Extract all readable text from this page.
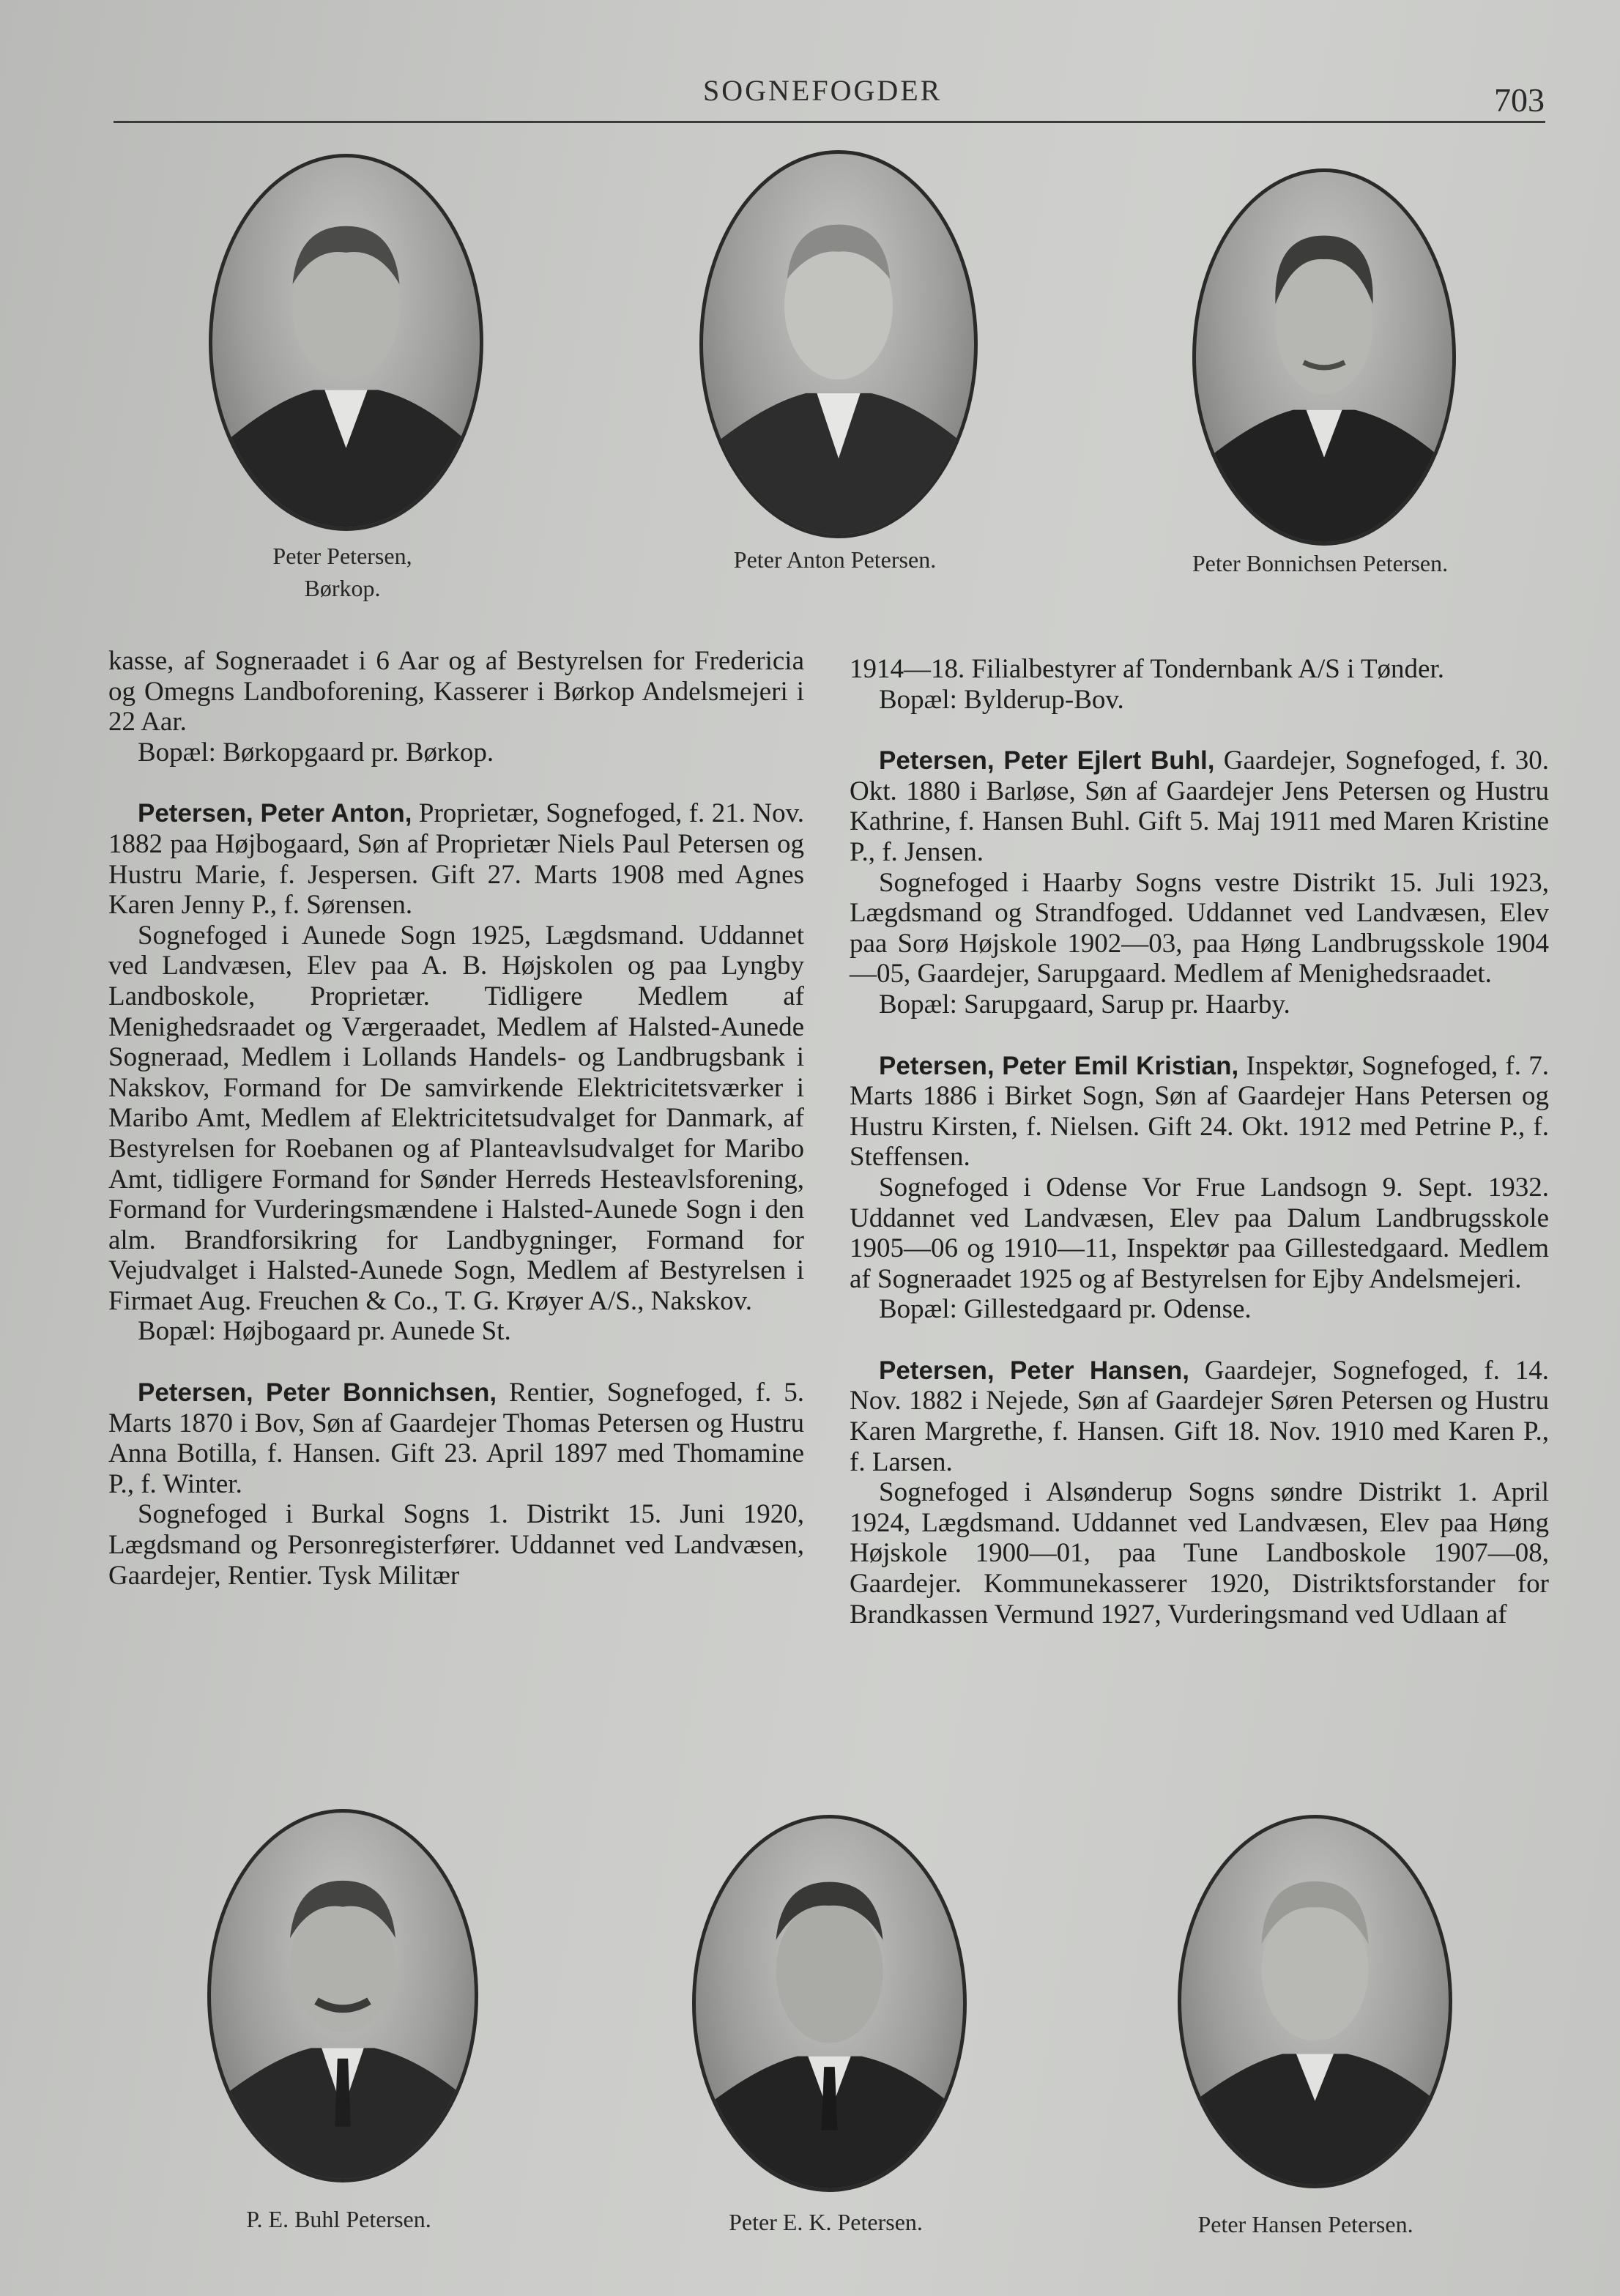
SOGNEFOGDER	703
Peter Petersen,
Børkop.
Peter Anton Petersen.	Peter Bonnichsen Petersen.

kasse, af Sogneraadet i 6 Aar og af Bestyrelsen for Fredericia og Omegns Landboforening, Kasserer i Børkop Andelsmejeri i 22 Aar.

Bopæl: Børkopgaard pr. Børkop.

Petersen, Peter Anton, Proprietær, Sognefoged, f. 21. Nov. 1882 paa Højbogaard, Søn af Proprietær Niels Paul Petersen og Hustru Marie, f. Jespersen. Gift 27. Marts 1908 med Agnes Karen Jenny P., f. Sørensen.

Sognefoged i Aunede Sogn 1925, Lægdsmand. Uddannet ved Landvæsen, Elev paa A. B. Højskolen og paa Lyngby Landboskole, Proprietær. Tidligere Medlem af Menighedsraadet og Værgeraadet, Medlem af Halsted-Aunede Sogneraad, Medlem i Lollands Handels- og Landbrugsbank i Nakskov, Formand for De samvirkende Elektricitetsværker i Maribo Amt, Medlem af Elektricitetsudvalget for Danmark, af Bestyrelsen for Roebanen og af Planteavlsudvalget for Maribo Amt, tidligere Formand for Sønder Herreds Hesteavlsforening, Formand for Vurderingsmændene i Halsted-Aunede Sogn i den alm. Brandforsikring for Landbygninger, Formand for Vejudvalget i Halsted-Aunede Sogn, Medlem af Bestyrelsen i Firmaet Aug. Freuchen & Co., T. G. Krøyer A/S., Nakskov.

Bopæl: Højbogaard pr. Aunede St.

Petersen, Peter Bonnichsen, Rentier, Sognefoged, f. 5. Marts 1870 i Bov, Søn af Gaardejer Thomas Petersen og Hustru Anna Botilla, f. Hansen. Gift 23. April 1897 med Thomamine P., f. Winter.

Sognefoged i Burkal Sogns 1. Distrikt 15. Juni 1920, Lægdsmand og Personregisterfører. Uddannet ved Landvæsen, Gaardejer, Rentier. Tysk Militær

1914—18. Filialbestyrer af Tondernbank A/S i Tønder.

Bopæl: Bylderup-Bov.

Petersen, Peter Ejlert Buhl, Gaardejer, Sognefoged, f. 30. Okt. 1880 i Barløse, Søn af Gaardejer Jens Petersen og Hustru Kathrine, f. Hansen Buhl. Gift 5. Maj 1911 med Maren Kristine P., f. Jensen.

Sognefoged i Haarby Sogns vestre Distrikt 15. Juli 1923, Lægdsmand og Strandfoged. Uddannet ved Landvæsen, Elev paa Sorø Højskole 1902—03, paa Høng Landbrugsskole 1904—05, Gaardejer, Sarupgaard. Medlem af Menighedsraadet.

Bopæl: Sarupgaard, Sarup pr. Haarby.

Petersen, Peter Emil Kristian, Inspektør, Sognefoged, f. 7. Marts 1886 i Birket Sogn, Søn af Gaardejer Hans Petersen og Hustru Kirsten, f. Nielsen. Gift 24. Okt. 1912 med Petrine P., f. Steffensen.

Sognefoged i Odense Vor Frue Landsogn 9. Sept. 1932. Uddannet ved Landvæsen, Elev paa Dalum Landbrugsskole 1905—06 og 1910—11, Inspektør paa Gillestedgaard. Medlem af Sogneraadet 1925 og af Bestyrelsen for Ejby Andelsmejeri.

Bopæl: Gillestedgaard pr. Odense.

Petersen, Peter Hansen, Gaardejer, Sognefoged, f. 14. Nov. 1882 i Nejede, Søn af Gaardejer Søren Petersen og Hustru Karen Margrethe, f. Hansen. Gift 18. Nov. 1910 med Karen P., f. Larsen.

Sognefoged i Alsønderup Sogns søndre Distrikt 1. April 1924, Lægdsmand. Uddannet ved Landvæsen, Elev paa Høng Højskole 1900—01, paa Tune Landboskole 1907—08, Gaardejer. Kommunekasserer 1920, Distriktsforstander for Brandkassen Vermund 1927, Vurderingsmand ved Udlaan af

P. E. Buhl Petersen.	Peter E. K. Petersen.	Peter Hansen Petersen.
